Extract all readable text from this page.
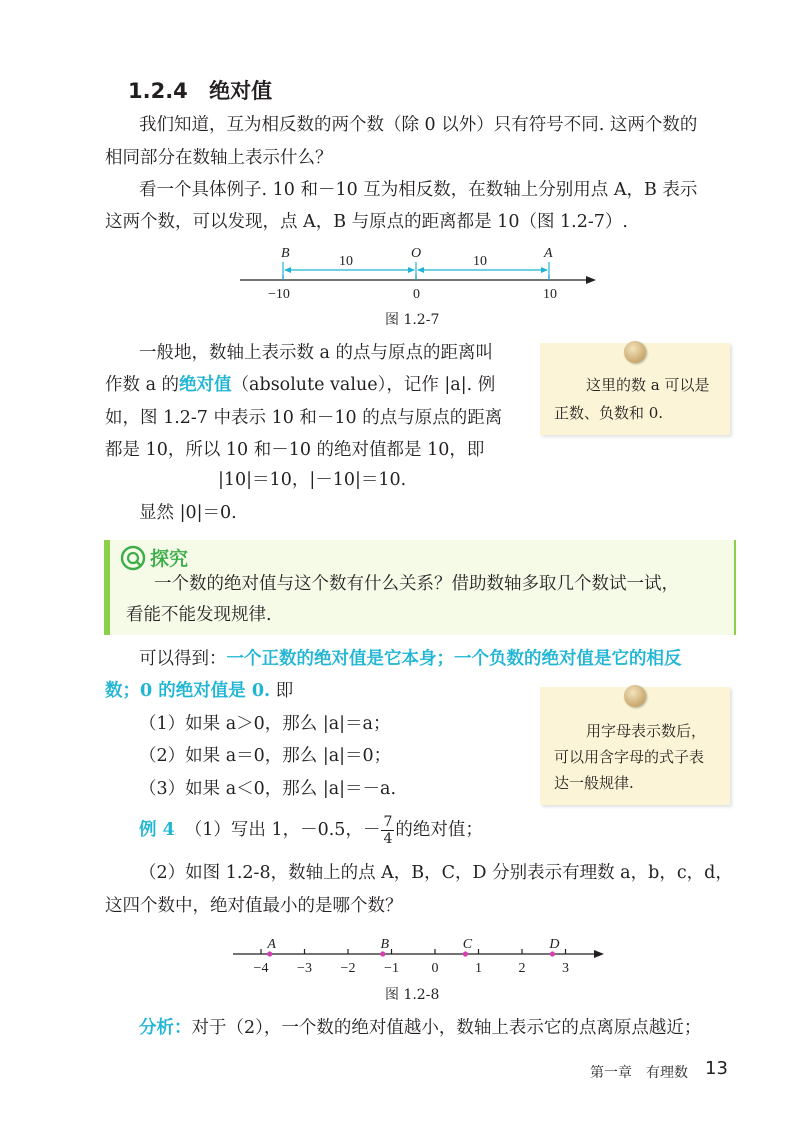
1.2.4 绝对值
我们知道，互为相反数的两个数（除 0 以外）只有符号不同. 这两个数的
相同部分在数轴上表示什么？
看一个具体例子. 10 和－10 互为相反数，在数轴上分别用点 A，B 表示
这两个数，可以发现，点 A，B 与原点的距离都是 10（图 1.2-7）.
B	O	A
10	10
−10	0	10
图 1.2-7
一般地，数轴上表示数 a 的点与原点的距离叫
作数 a 的绝对值（absolute value），记作 |a|. 例
如，图 1.2-7 中表示 10 和－10 的点与原点的距离
都是 10，所以 10 和－10 的绝对值都是 10，即
|10|＝10，|－10|＝10.
显然 |0|＝0.
这里的数 a 可以是
正数、负数和 0.
探究
一个数的绝对值与这个数有什么关系？借助数轴多取几个数试一试，
看能不能发现规律.
可以得到：一个正数的绝对值是它本身；一个负数的绝对值是它的相反
数；0 的绝对值是 0. 即
（1）如果 a＞0，那么 |a|＝a；
（2）如果 a＝0，那么 |a|＝0；
（3）如果 a＜0，那么 |a|＝－a.
用字母表示数后，
可以用含字母的式子表
达一般规律.
例 4 （1）写出 1，－0.5，－ $\frac{7}{4}$ 的绝对值；
（2）如图 1.2-8，数轴上的点 A，B，C，D 分别表示有理数 a，b，c，d，
这四个数中，绝对值最小的是哪个数？
−4 −3 −2 −1 0	1	2	3
A	B	C	D
图 1.2-8
分析：对于（2），一个数的绝对值越小，数轴上表示它的点离原点越近；
第一章　有理数 13
